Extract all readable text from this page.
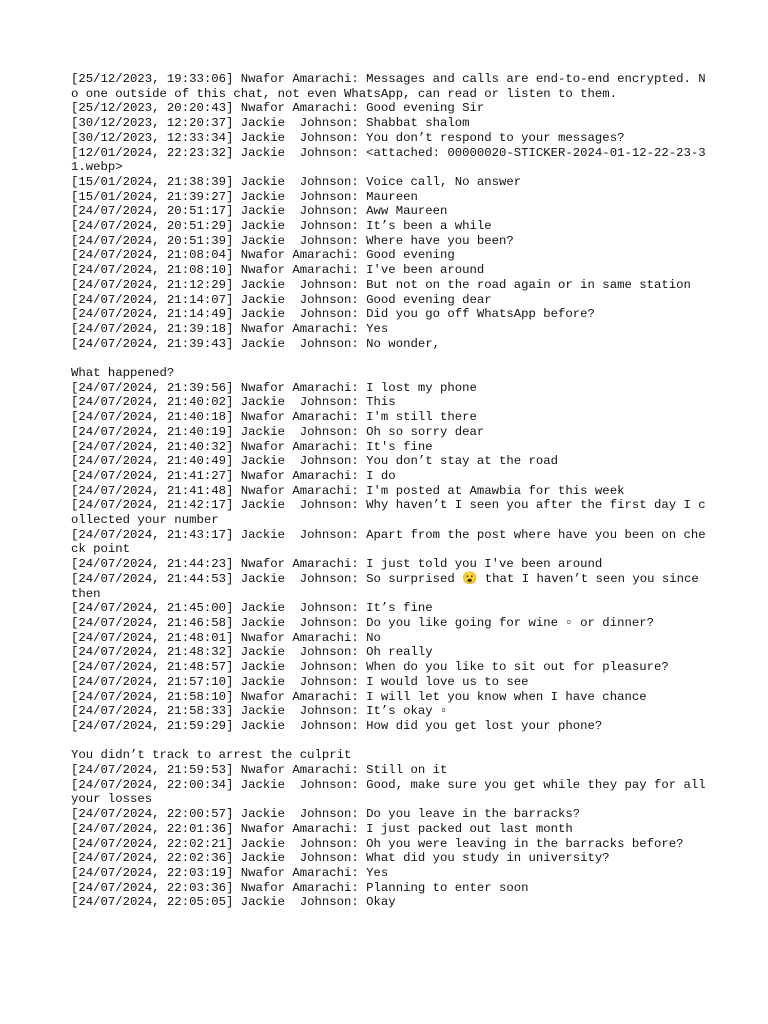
[25/12/2023, 19:33:06] Nwafor Amarachi: Messages and calls are end-to-end encrypted. No one outside of this chat, not even WhatsApp, can read or listen to them.
[25/12/2023, 20:20:43] Nwafor Amarachi: Good evening Sir
[30/12/2023, 12:20:37] Jackie  Johnson: Shabbat shalom
[30/12/2023, 12:33:34] Jackie  Johnson: You don’t respond to your messages?
[12/01/2024, 22:23:32] Jackie  Johnson: <attached: 00000020-STICKER-2024-01-12-22-23-31.webp>
[15/01/2024, 21:38:39] Jackie  Johnson: Voice call, No answer
[15/01/2024, 21:39:27] Jackie  Johnson: Maureen
[24/07/2024, 20:51:17] Jackie  Johnson: Aww Maureen
[24/07/2024, 20:51:29] Jackie  Johnson: It’s been a while
[24/07/2024, 20:51:39] Jackie  Johnson: Where have you been?
[24/07/2024, 21:08:04] Nwafor Amarachi: Good evening
[24/07/2024, 21:08:10] Nwafor Amarachi: I've been around
[24/07/2024, 21:12:29] Jackie  Johnson: But not on the road again or in same station
[24/07/2024, 21:14:07] Jackie  Johnson: Good evening dear
[24/07/2024, 21:14:49] Jackie  Johnson: Did you go off WhatsApp before?
[24/07/2024, 21:39:18] Nwafor Amarachi: Yes
[24/07/2024, 21:39:43] Jackie  Johnson: No wonder,
What happened?
[24/07/2024, 21:39:56] Nwafor Amarachi: I lost my phone
[24/07/2024, 21:40:02] Jackie  Johnson: This
[24/07/2024, 21:40:18] Nwafor Amarachi: I'm still there
[24/07/2024, 21:40:19] Jackie  Johnson: Oh so sorry dear
[24/07/2024, 21:40:32] Nwafor Amarachi: It's fine
[24/07/2024, 21:40:49] Jackie  Johnson: You don’t stay at the road
[24/07/2024, 21:41:27] Nwafor Amarachi: I do
[24/07/2024, 21:41:48] Nwafor Amarachi: I'm posted at Amawbia for this week
[24/07/2024, 21:42:17] Jackie  Johnson: Why haven’t I seen you after the first day I collected your number
[24/07/2024, 21:43:17] Jackie  Johnson: Apart from the post where have you been on check point
[24/07/2024, 21:44:23] Nwafor Amarachi: I just told you I've been around
[24/07/2024, 21:44:53] Jackie  Johnson: So surprised 😮 that I haven’t seen you since then
[24/07/2024, 21:45:00] Jackie  Johnson: It’s fine
[24/07/2024, 21:46:58] Jackie  Johnson: Do you like going for wine ▫ or dinner?
[24/07/2024, 21:48:01] Nwafor Amarachi: No
[24/07/2024, 21:48:32] Jackie  Johnson: Oh really
[24/07/2024, 21:48:57] Jackie  Johnson: When do you like to sit out for pleasure?
[24/07/2024, 21:57:10] Jackie  Johnson: I would love us to see
[24/07/2024, 21:58:10] Nwafor Amarachi: I will let you know when I have chance
[24/07/2024, 21:58:33] Jackie  Johnson: It’s okay ▫
[24/07/2024, 21:59:29] Jackie  Johnson: How did you get lost your phone?
You didn’t track to arrest the culprit
[24/07/2024, 21:59:53] Nwafor Amarachi: Still on it
[24/07/2024, 22:00:34] Jackie  Johnson: Good, make sure you get while they pay for all your losses
[24/07/2024, 22:00:57] Jackie  Johnson: Do you leave in the barracks?
[24/07/2024, 22:01:36] Nwafor Amarachi: I just packed out last month
[24/07/2024, 22:02:21] Jackie  Johnson: Oh you were leaving in the barracks before?
[24/07/2024, 22:02:36] Jackie  Johnson: What did you study in university?
[24/07/2024, 22:03:19] Nwafor Amarachi: Yes
[24/07/2024, 22:03:36] Nwafor Amarachi: Planning to enter soon
[24/07/2024, 22:05:05] Jackie  Johnson: Okay
